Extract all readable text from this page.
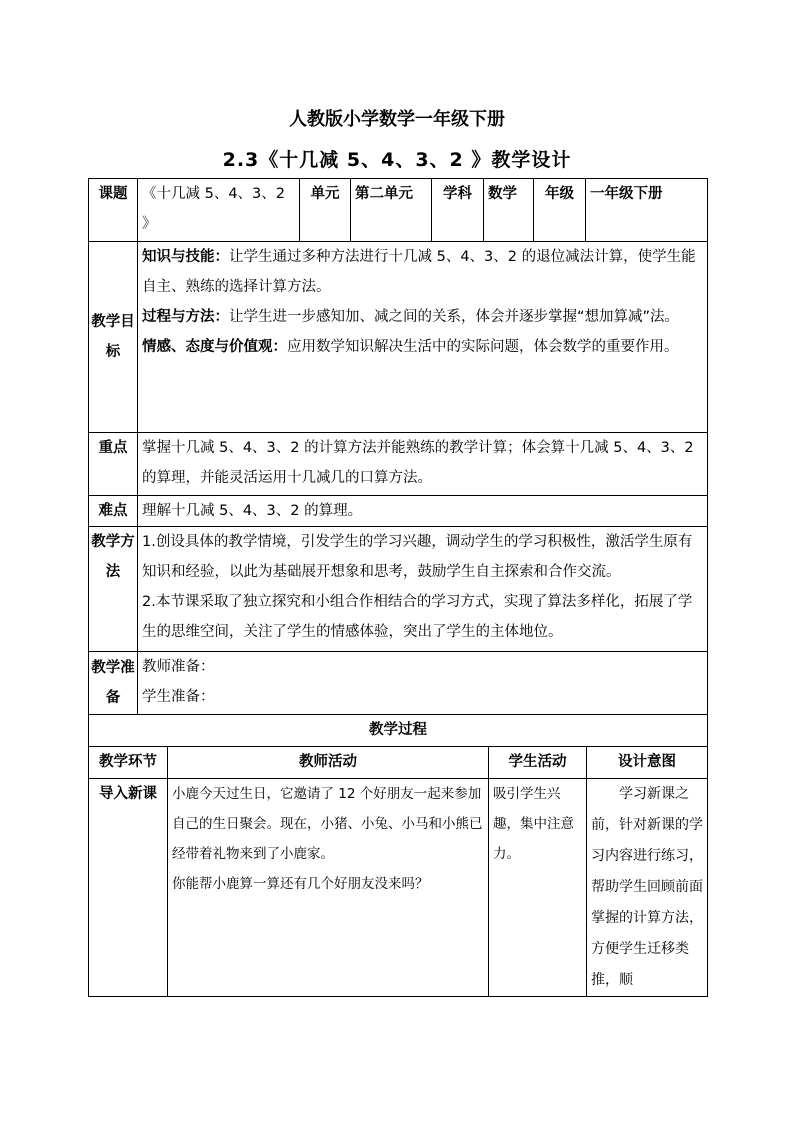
人教版小学数学一年级下册
2.3《十几减 5、4、3、2 》教学设计
课题	《十几减 5、4、3、2 》	单元	第二单元	学科	数学	年级	一年级下册
教学目标	知识与技能：让学生通过多种方法进行十几减 5、4、3、2 的退位减法计算，使学生能自主、熟练的选择计算方法。

过程与方法：让学生进一步感知加、减之间的关系，体会并逐步掌握“想加算减”法。

情感、态度与价值观：应用数学知识解决生活中的实际问题，体会数学的重要作用。						

重点	掌握十几减 5、4、3、2 的计算方法并能熟练的教学计算；体会算十几减 5、4、3、2 的算理，并能灵活运用十几减几的口算方法。						
难点	理解十几减 5、4、3、2 的算理。						
教学方法	1.创设具体的教学情境，引发学生的学习兴趣，调动学生的学习积极性，激活学生原有知识和经验，以此为基础展开想象和思考，鼓励学生自主探索和合作交流。

2.本节课采取了独立探究和小组合作相结合的学习方式，实现了算法多样化，拓展了学生的思维空间，关注了学生的情感体验，突出了学生的主体地位。						

教学准备	教师准备：

学生准备：						

教学过程			
教学环节	教师活动	学生活动	设计意图
导入新课	小鹿今天过生日，它邀请了 12 个好朋友一起来参加自己的生日聚会。现在，小猪、小兔、小马和小熊已经带着礼物来到了小鹿家。

你能帮小鹿算一算还有几个好朋友没来吗？	吸引学生兴趣，集中注意力。	学习新课之前，针对新课的学习内容进行练习，帮助学生回顾前面掌握的计算方法，方便学生迁移类推，顺
